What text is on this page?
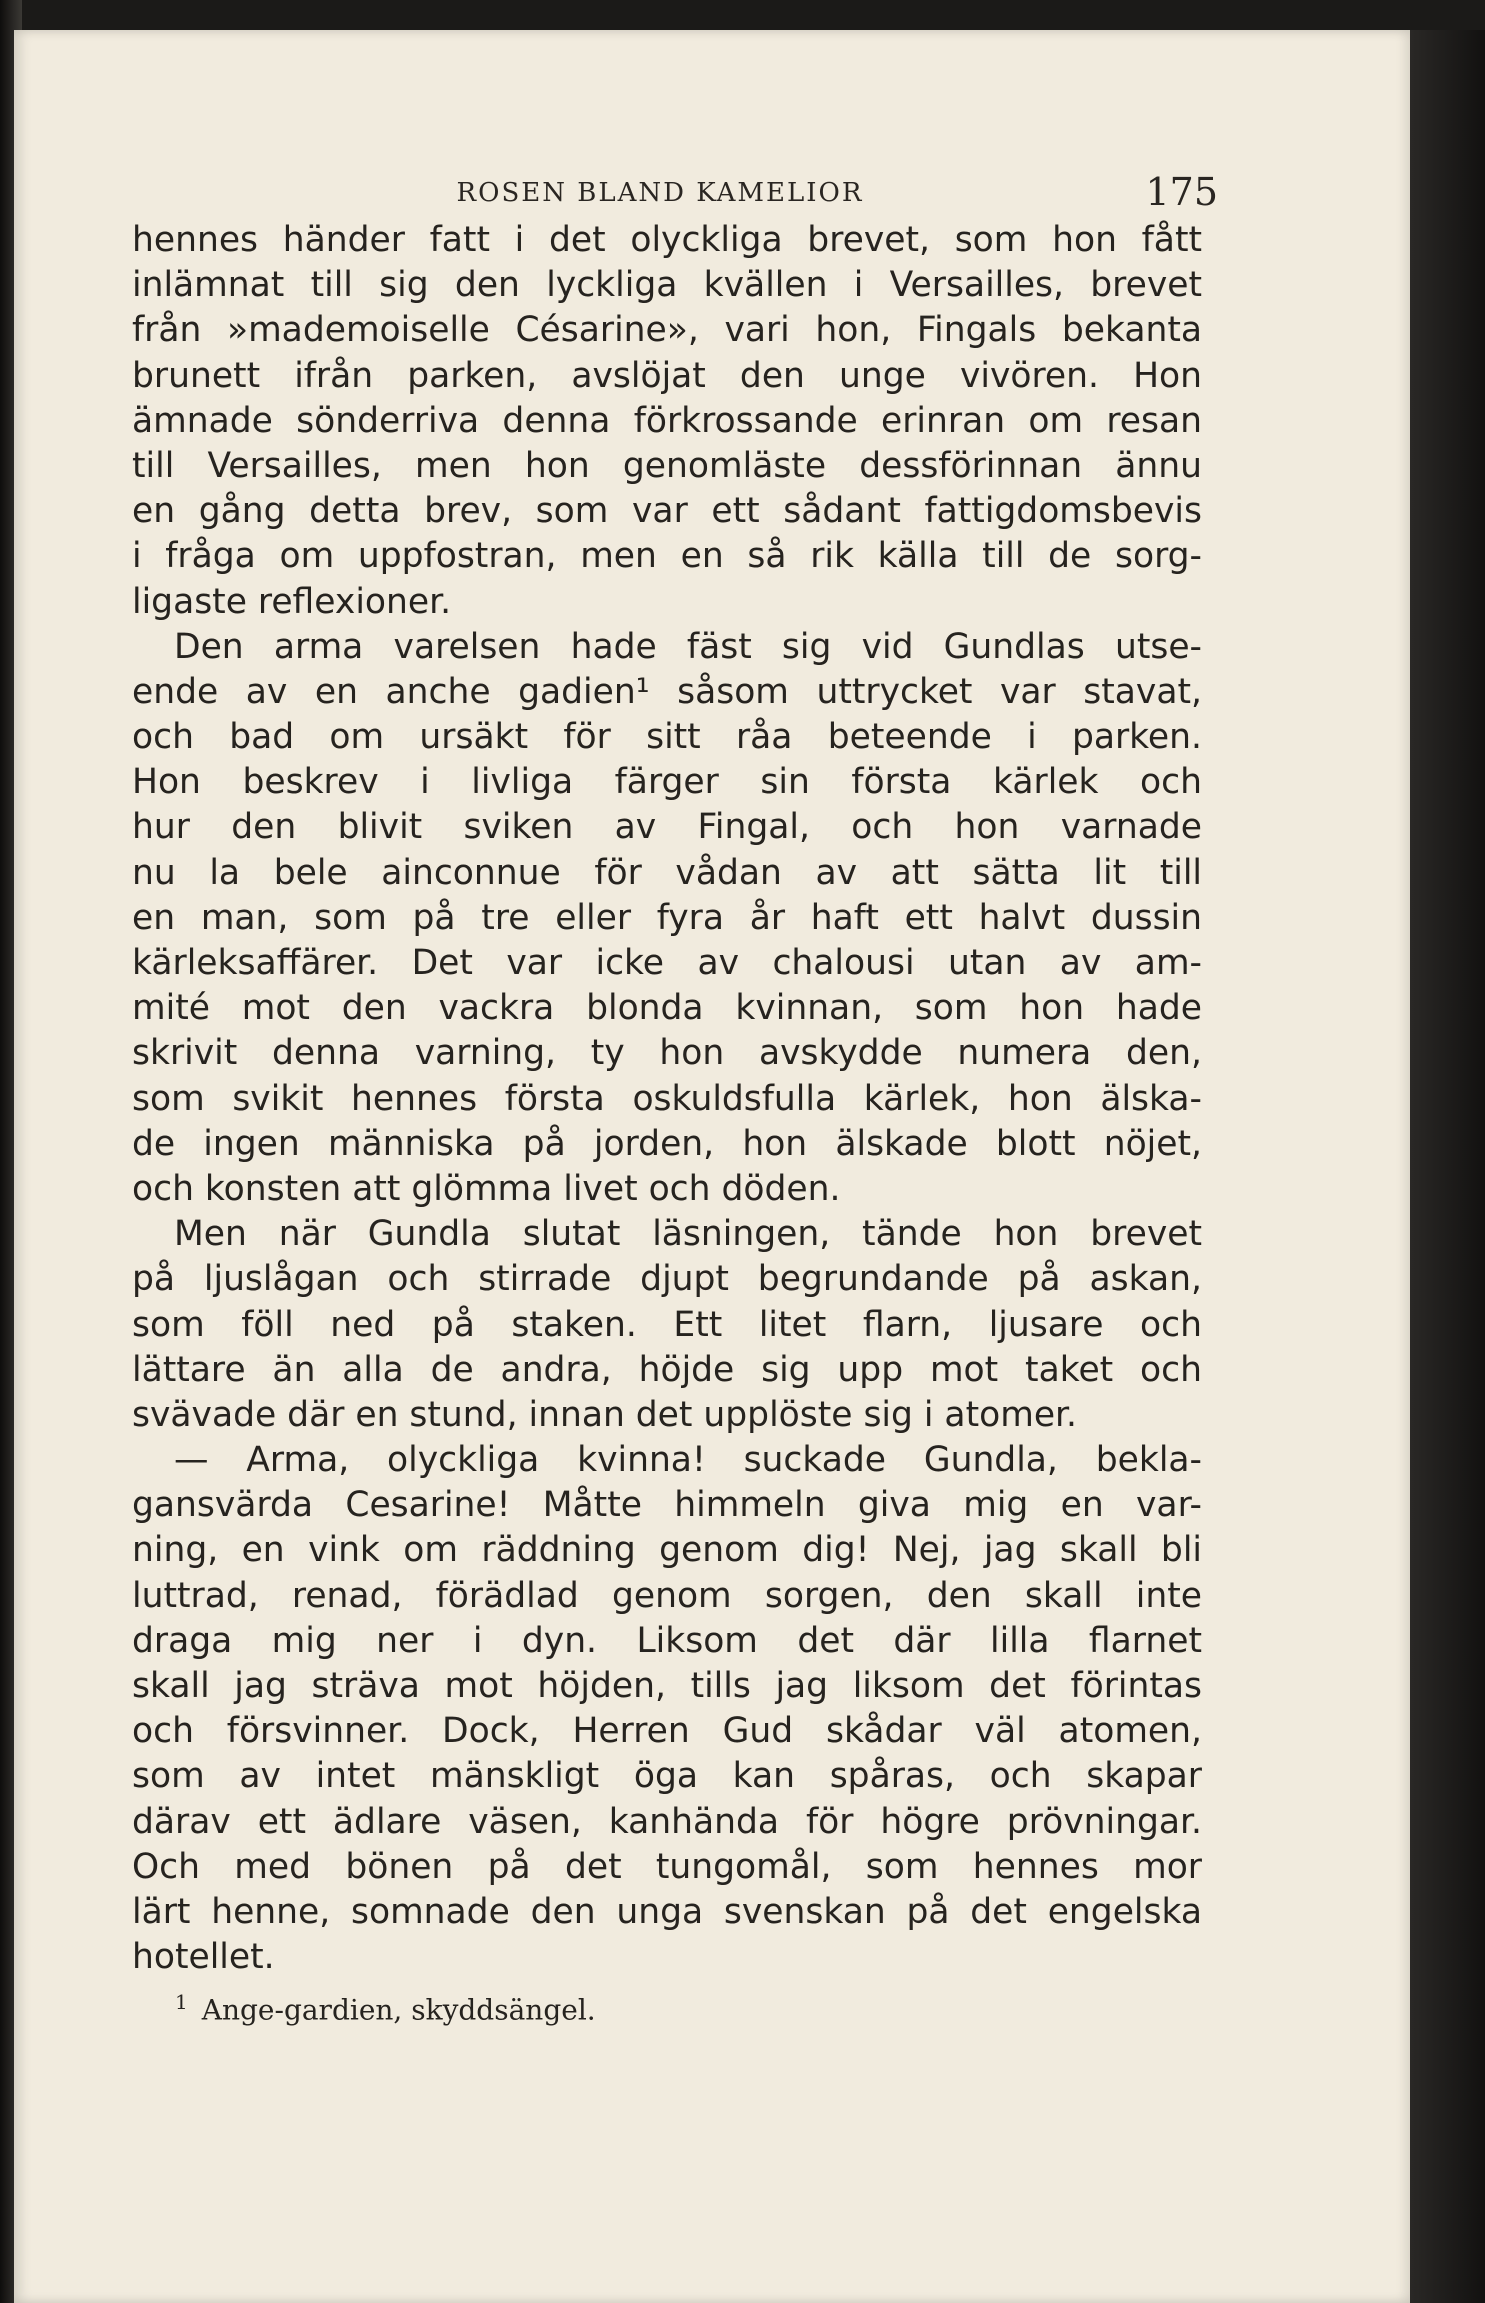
ROSEN BLAND KAMELIOR	175
hennes händer fatt i det olyckliga brevet, som hon fått
inlämnat till sig den lyckliga kvällen i Versailles, brevet
från »mademoiselle Césarine», vari hon, Fingals bekanta
brunett ifrån parken, avslöjat den unge vivören. Hon
ämnade sönderriva denna förkrossande erinran om resan
till Versailles, men hon genomläste dessförinnan ännu
en gång detta brev, som var ett sådant fattigdomsbevis
i fråga om uppfostran, men en så rik källa till de sorg-
ligaste reflexioner.
Den arma varelsen hade fäst sig vid Gundlas utse-
ende av en anche gadien¹ såsom uttrycket var stavat,
och bad om ursäkt för sitt råa beteende i parken.
Hon beskrev i livliga färger sin första kärlek och
hur den blivit sviken av Fingal, och hon varnade
nu la bele ainconnue för vådan av att sätta lit till
en man, som på tre eller fyra år haft ett halvt dussin
kärleksaffärer. Det var icke av chalousi utan av am-
mité mot den vackra blonda kvinnan, som hon hade
skrivit denna varning, ty hon avskydde numera den,
som svikit hennes första oskuldsfulla kärlek, hon älska-
de ingen människa på jorden, hon älskade blott nöjet,
och konsten att glömma livet och döden.
Men när Gundla slutat läsningen, tände hon brevet
på ljuslågan och stirrade djupt begrundande på askan,
som föll ned på staken. Ett litet flarn, ljusare och
lättare än alla de andra, höjde sig upp mot taket och
svävade där en stund, innan det upplöste sig i atomer.
— Arma, olyckliga kvinna! suckade Gundla, bekla-
gansvärda Cesarine! Måtte himmeln giva mig en var-
ning, en vink om räddning genom dig! Nej, jag skall bli
luttrad, renad, förädlad genom sorgen, den skall inte
draga mig ner i dyn. Liksom det där lilla flarnet
skall jag sträva mot höjden, tills jag liksom det förintas
och försvinner. Dock, Herren Gud skådar väl atomen,
som av intet mänskligt öga kan spåras, och skapar
därav ett ädlare väsen, kanhända för högre prövningar.
Och med bönen på det tungomål, som hennes mor
lärt henne, somnade den unga svenskan på det engelska
hotellet.
$^1$ Ange-gardien, skyddsängel.
